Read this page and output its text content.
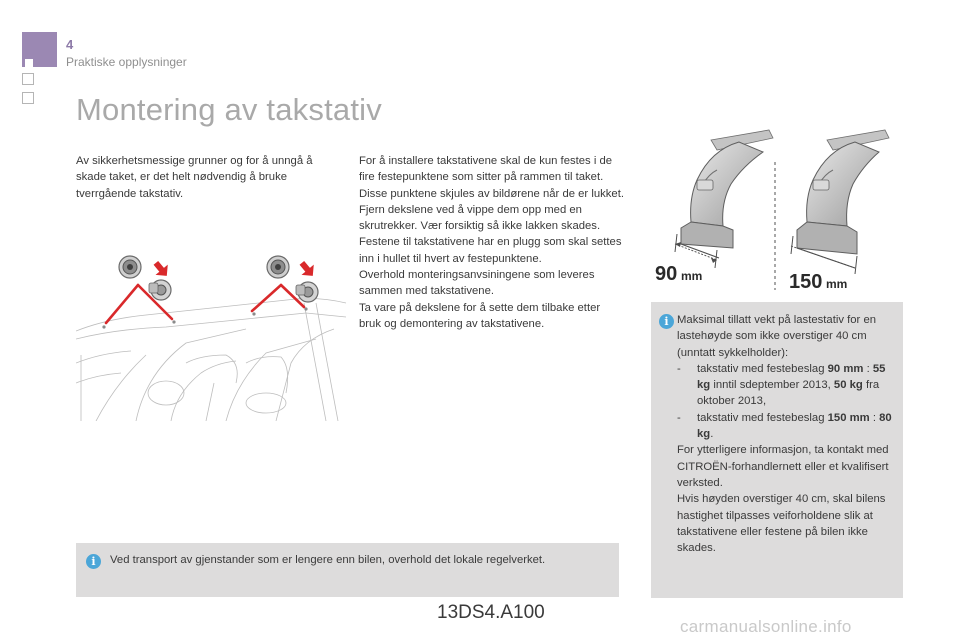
4
Praktiske opplysninger
Montering av takstativ

Av sikkerhetsmessige grunner og for å unngå å skade taket, er det helt nødvendig å bruke tverrgående takstativ.

For å installere takstativene skal de kun festes i de fire festepunktene som sitter på rammen til taket. Disse punktene skjules av bildørene når de er lukket.

Fjern dekslene ved å vippe dem opp med en skrutrekker. Vær forsiktig så ikke lakken skades.

Festene til takstativene har en plugg som skal settes inn i hullet til hvert av festepunktene.

Overhold monteringsanvsiningene som leveres sammen med takstativene.

Ta vare på dekslene for å sette dem tilbake etter bruk og demontering av takstativene.

90 mm	150 mm
i Maksimal tillatt vekt på lastestativ for en lastehøyde som ikke overstiger 40 cm (unntatt sykkelholder):

- takstativ med festebeslag 90 mm : 55 kg inntil sdeptember 2013, 50 kg fra oktober 2013,

- takstativ med festebeslag 150 mm : 80 kg.

For ytterligere informasjon, ta kontakt med CITROËN-forhandlernett eller et kvalifisert verksted.

Hvis høyden overstiger 40 cm, skal bilens hastighet tilpasses veiforholdene slik at takstativene eller festene på bilen ikke skades.

i	Ved transport av gjenstander som er lengere enn bilen, overhold det lokale regelverket.
13DS4.A100
carmanualsonline.info
